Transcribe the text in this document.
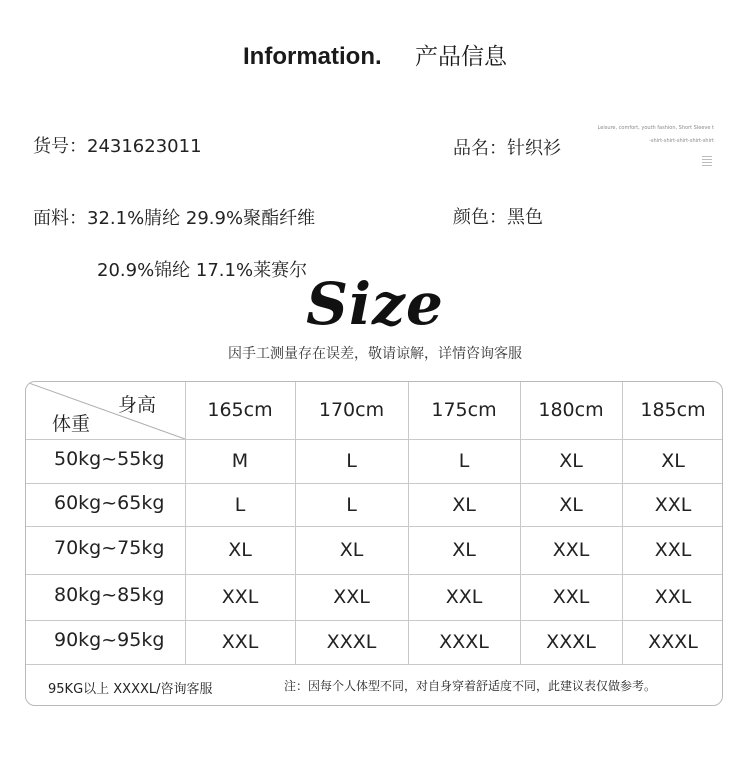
Information. 产品信息
货号：2431623011	品名：针织衫
面料：32.1%腈纶 29.9%聚酯纤维
20.9%锦纶 17.1%莱赛尔
颜色：黑色
Leisure, comfort, youth fashion, Short Sleeve t
-shirt-shirt-shirt-shirt-shirt
Size
因手工测量存在误差，敬请谅解，详情咨询客服
身高
体重
165cm	170cm	175cm	180cm	185cm
50kg~55kg	M	L	L	XL	XL
60kg~65kg	L	L	XL	XL	XXL
70kg~75kg	XL	XL	XL	XXL	XXL
80kg~85kg	XXL	XXL	XXL	XXL	XXL
90kg~95kg	XXL	XXXL	XXXL	XXXL	XXXL
95KG以上 XXXXL/咨询客服	注：因每个人体型不同，对自身穿着舒适度不同，此建议表仅做参考。
